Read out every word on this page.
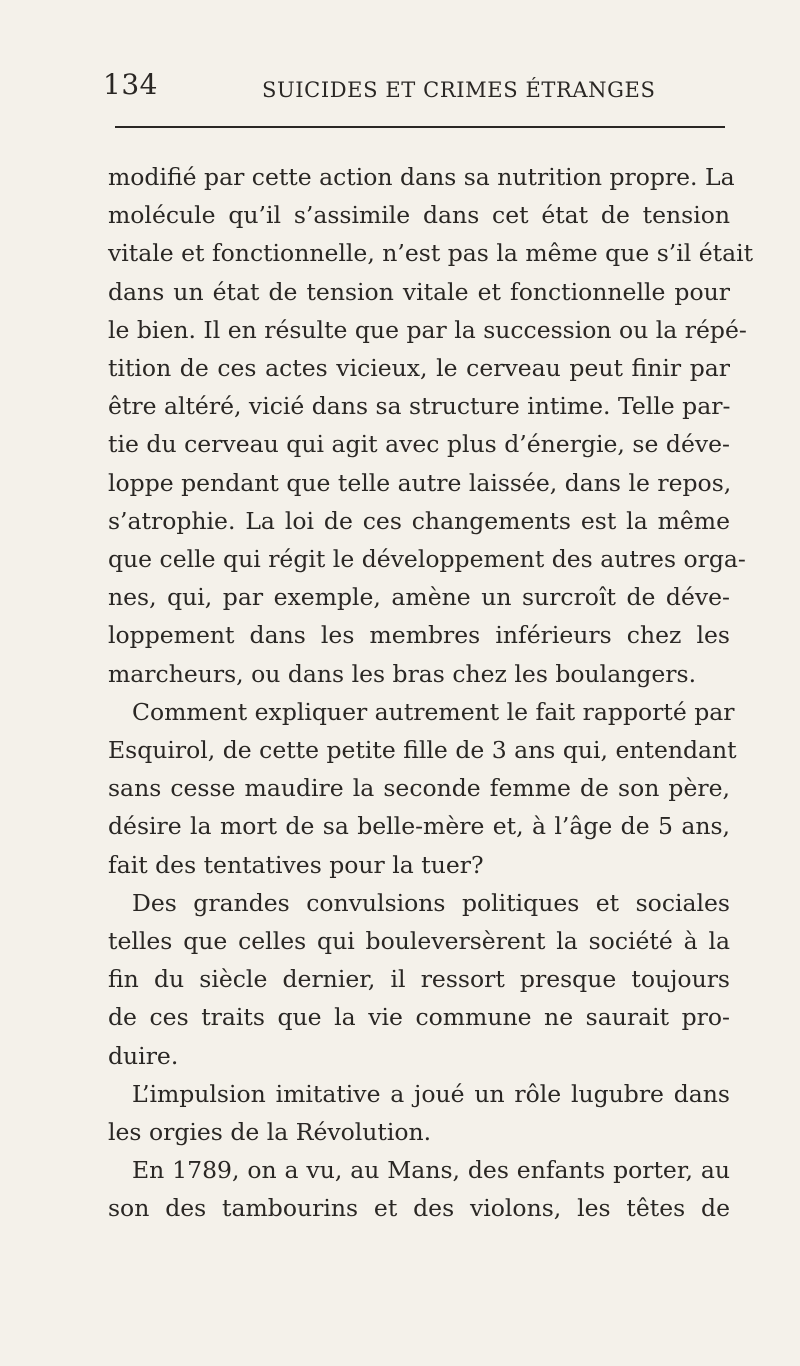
134	SUICIDES ET CRIMES ÉTRANGES
modifié par cette action dans sa nutrition propre. La
molécule qu’il s’assimile dans cet état de tension
vitale et fonctionnelle, n’est pas la même que s’il était
dans un état de tension vitale et fonctionnelle pour
le bien. Il en résulte que par la succession ou la répé-
tition de ces actes vicieux, le cerveau peut finir par
être altéré, vicié dans sa structure intime. Telle par-
tie du cerveau qui agit avec plus d’énergie, se déve-
loppe pendant que telle autre laissée, dans le repos,
s’atrophie. La loi de ces changements est la même
que celle qui régit le développement des autres orga-
nes, qui, par exemple, amène un surcroît de déve-
loppement dans les membres inférieurs chez les
marcheurs, ou dans les bras chez les boulangers.
Comment expliquer autrement le fait rapporté par
Esquirol, de cette petite fille de 3 ans qui, entendant
sans cesse maudire la seconde femme de son père,
désire la mort de sa belle-mère et, à l’âge de 5 ans,
fait des tentatives pour la tuer?
Des grandes convulsions politiques et sociales
telles que celles qui bouleversèrent la société à la
fin du siècle dernier, il ressort presque toujours
de ces traits que la vie commune ne saurait pro-
duire.
L’impulsion imitative a joué un rôle lugubre dans
les orgies de la Révolution.
En 1789, on a vu, au Mans, des enfants porter, au
son des tambourins et des violons, les têtes de
